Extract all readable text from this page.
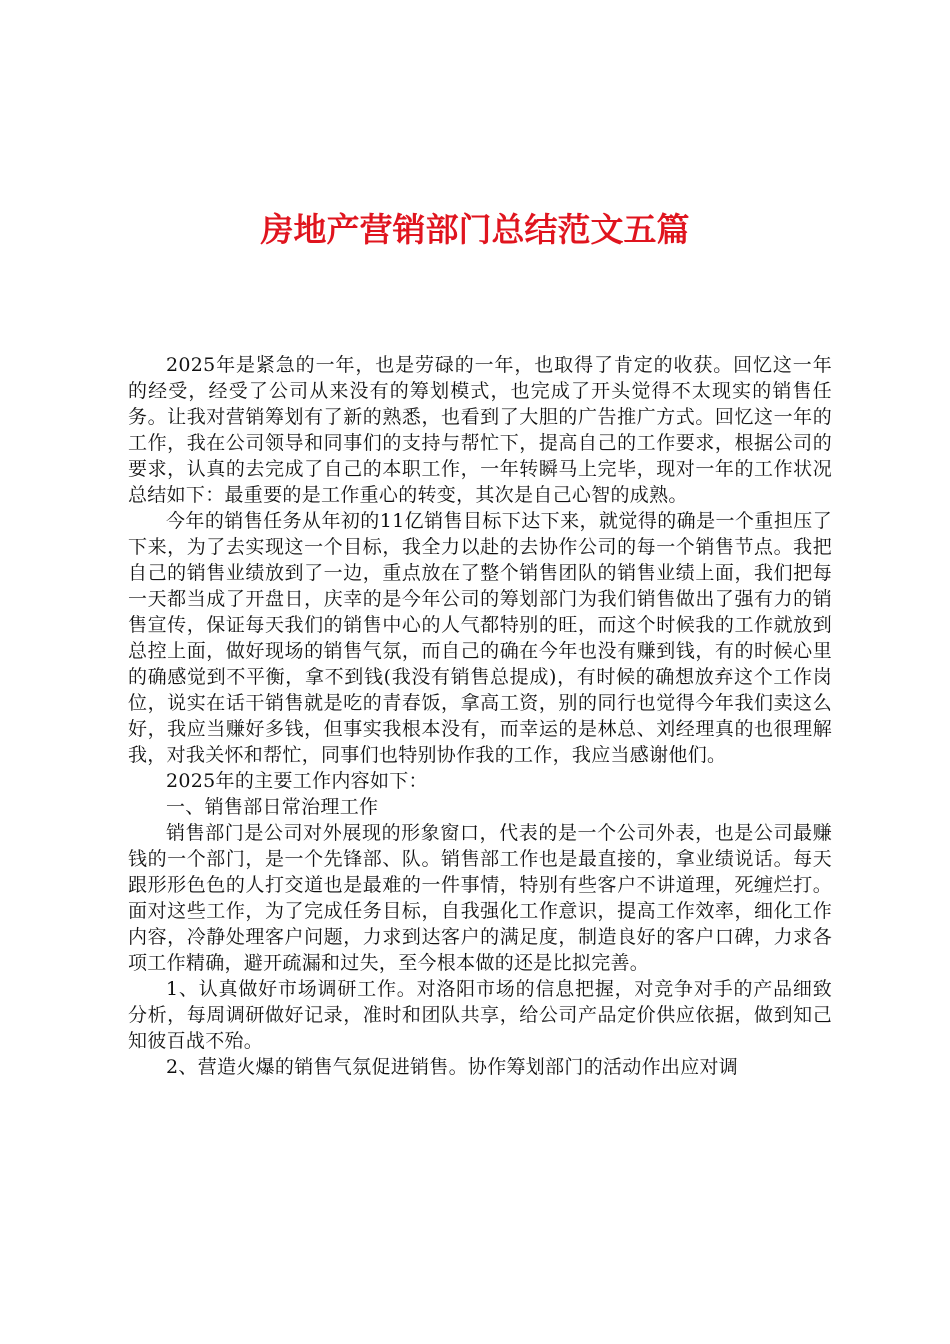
房地产营销部门总结范文五篇

2025年是紧急的一年，也是劳碌的一年，也取得了肯定的收获。回忆这一年的经受，经受了公司从来没有的筹划模式，也完成了开头觉得不太现实的销售任务。让我对营销筹划有了新的熟悉，也看到了大胆的广告推广方式。回忆这一年的工作，我在公司领导和同事们的支持与帮忙下，提高自己的工作要求，根据公司的要求，认真的去完成了自己的本职工作，一年转瞬马上完毕，现对一年的工作状况总结如下：最重要的是工作重心的转变，其次是自己心智的成熟。

今年的销售任务从年初的11亿销售目标下达下来，就觉得的确是一个重担压了下来，为了去实现这一个目标，我全力以赴的去协作公司的每一个销售节点。我把自己的销售业绩放到了一边，重点放在了整个销售团队的销售业绩上面，我们把每一天都当成了开盘日，庆幸的是今年公司的筹划部门为我们销售做出了强有力的销售宣传，保证每天我们的销售中心的人气都特别的旺，而这个时候我的工作就放到总控上面，做好现场的销售气氛，而自己的确在今年也没有赚到钱，有的时候心里的确感觉到不平衡，拿不到钱(我没有销售总提成)，有时候的确想放弃这个工作岗位，说实在话干销售就是吃的青春饭，拿高工资，别的同行也觉得今年我们卖这么好，我应当赚好多钱，但事实我根本没有，而幸运的是林总、刘经理真的也很理解我，对我关怀和帮忙，同事们也特别协作我的工作，我应当感谢他们。

2025年的主要工作内容如下：

一、销售部日常治理工作

销售部门是公司对外展现的形象窗口，代表的是一个公司外表，也是公司最赚钱的一个部门，是一个先锋部、队。销售部工作也是最直接的，拿业绩说话。每天跟形形色色的人打交道也是最难的一件事情，特别有些客户不讲道理，死缠烂打。面对这些工作，为了完成任务目标，自我强化工作意识，提高工作效率，细化工作内容，冷静处理客户问题，力求到达客户的满足度，制造良好的客户口碑，力求各项工作精确，避开疏漏和过失，至今根本做的还是比拟完善。

1、认真做好市场调研工作。对洛阳市场的信息把握，对竞争对手的产品细致分析，每周调研做好记录，准时和团队共享，给公司产品定价供应依据，做到知己知彼百战不殆。

2、营造火爆的销售气氛促进销售。协作筹划部门的活动作出应对调
